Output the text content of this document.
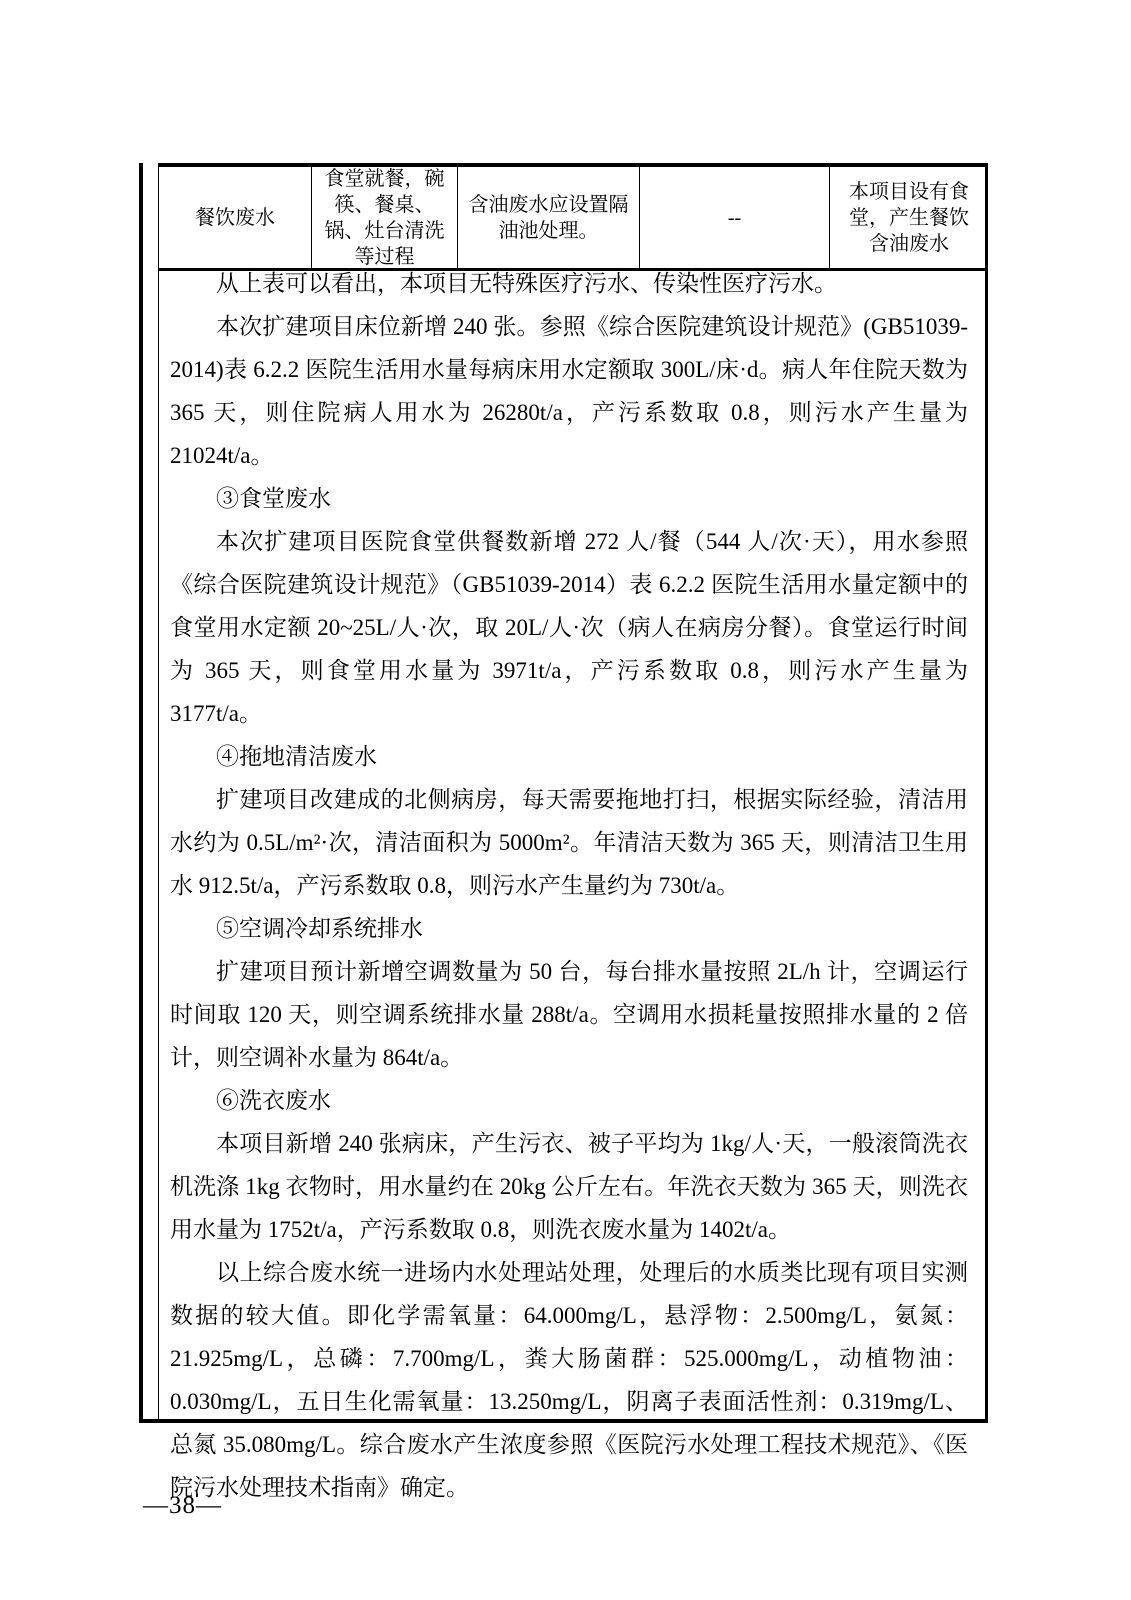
餐饮废水
食堂就餐，碗筷、餐桌、锅、灶台清洗等过程
含油废水应设置隔油池处理。
--
本项目设有食堂，产生餐饮含油废水

从上表可以看出，本项目无特殊医疗污水、传染性医疗污水。

本次扩建项目床位新增 240 张。参照《综合医院建筑设计规范》(GB51039-2014)表 6.2.2 医院生活用水量每病床用水定额取 300L/床·d。病人年住院天数为 365 天，则住院病人用水为 26280t/a，产污系数取 0.8，则污水产生量为 21024t/a。

③食堂废水

本次扩建项目医院食堂供餐数新增 272 人/餐（544 人/次·天），用水参照《综合医院建筑设计规范》（GB51039-2014）表 6.2.2 医院生活用水量定额中的食堂用水定额 20~25L/人·次，取 20L/人·次（病人在病房分餐）。食堂运行时间为 365 天，则食堂用水量为 3971t/a，产污系数取 0.8，则污水产生量为 3177t/a。

④拖地清洁废水

扩建项目改建成的北侧病房，每天需要拖地打扫，根据实际经验，清洁用水约为 0.5L/m²·次，清洁面积为 5000m²。年清洁天数为 365 天，则清洁卫生用水 912.5t/a，产污系数取 0.8，则污水产生量约为 730t/a。

⑤空调冷却系统排水

扩建项目预计新增空调数量为 50 台，每台排水量按照 2L/h 计，空调运行时间取 120 天，则空调系统排水量 288t/a。空调用水损耗量按照排水量的 2 倍计，则空调补水量为 864t/a。

⑥洗衣废水

本项目新增 240 张病床，产生污衣、被子平均为 1kg/人·天，一般滚筒洗衣机洗涤 1kg 衣物时，用水量约在 20kg 公斤左右。年洗衣天数为 365 天，则洗衣用水量为 1752t/a，产污系数取 0.8，则洗衣废水量为 1402t/a。

以上综合废水统一进场内水处理站处理，处理后的水质类比现有项目实测数据的较大值。即化学需氧量：64.000mg/L，悬浮物：2.500mg/L，氨氮：21.925mg/L，总磷：7.700mg/L，粪大肠菌群：525.000mg/L，动植物油：0.030mg/L，五日生化需氧量：13.250mg/L，阴离子表面活性剂：0.319mg/L、总氮 35.080mg/L。综合废水产生浓度参照《医院污水处理工程技术规范》、《医院污水处理技术指南》确定。

—38—
